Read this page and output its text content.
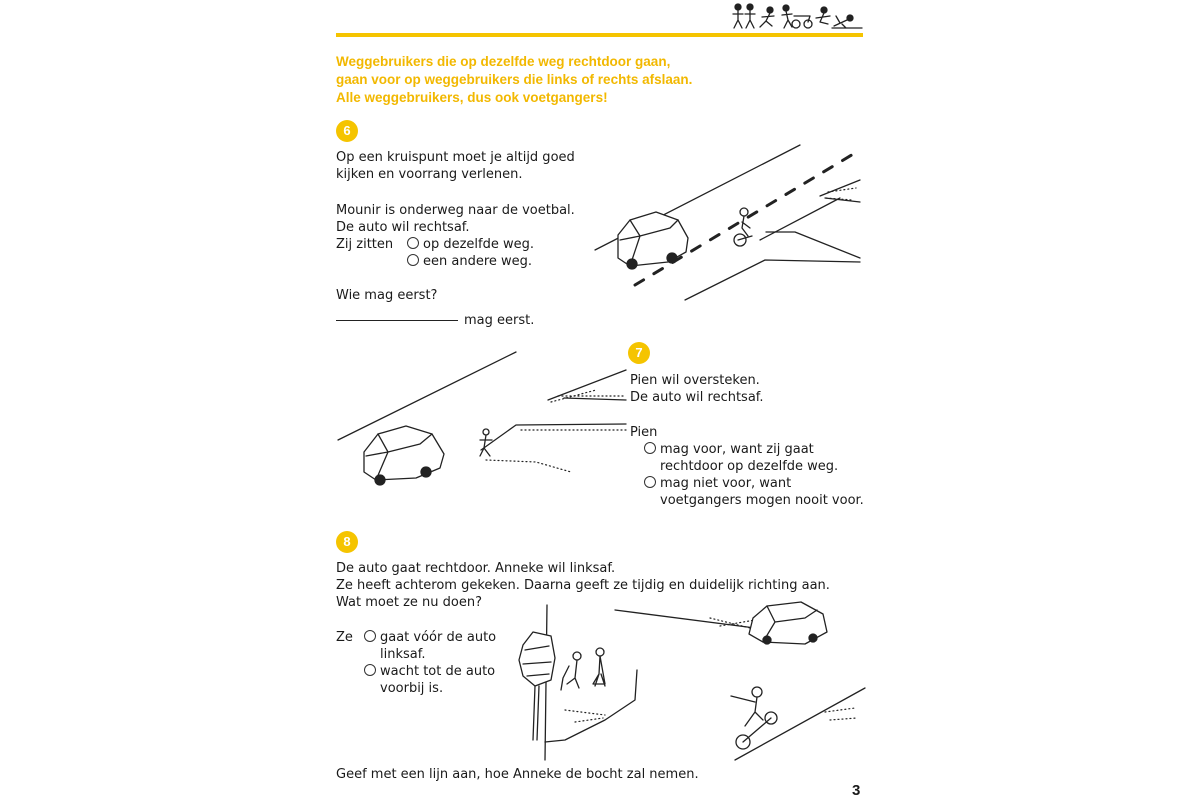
Weggebruikers die op dezelfde weg rechtdoor gaan,
gaan voor op weggebruikers die links of rechts afslaan.
Alle weggebruikers, dus ook voetgangers!
6
Op een kruispunt moet je altijd goed
kijken en voorrang verlenen.
Mounir is onderweg naar de voetbal.
De auto wil rechtsaf.
Zij zitten	op dezelfde weg.
een andere weg.
Wie mag eerst?
mag eerst.
7
Pien wil oversteken.
De auto wil rechtsaf.
Pien
mag voor, want zij gaat
rechtdoor op dezelfde weg.
mag niet voor, want
voetgangers mogen nooit voor.
8
De auto gaat rechtdoor. Anneke wil linksaf.
Ze heeft achterom gekeken. Daarna geeft ze tijdig en duidelijk richting aan.
Wat moet ze nu doen?
Ze	gaat vóór de auto
linksaf.
wacht tot de auto
voorbij is.
Geef met een lijn aan, hoe Anneke de bocht zal nemen.
3
